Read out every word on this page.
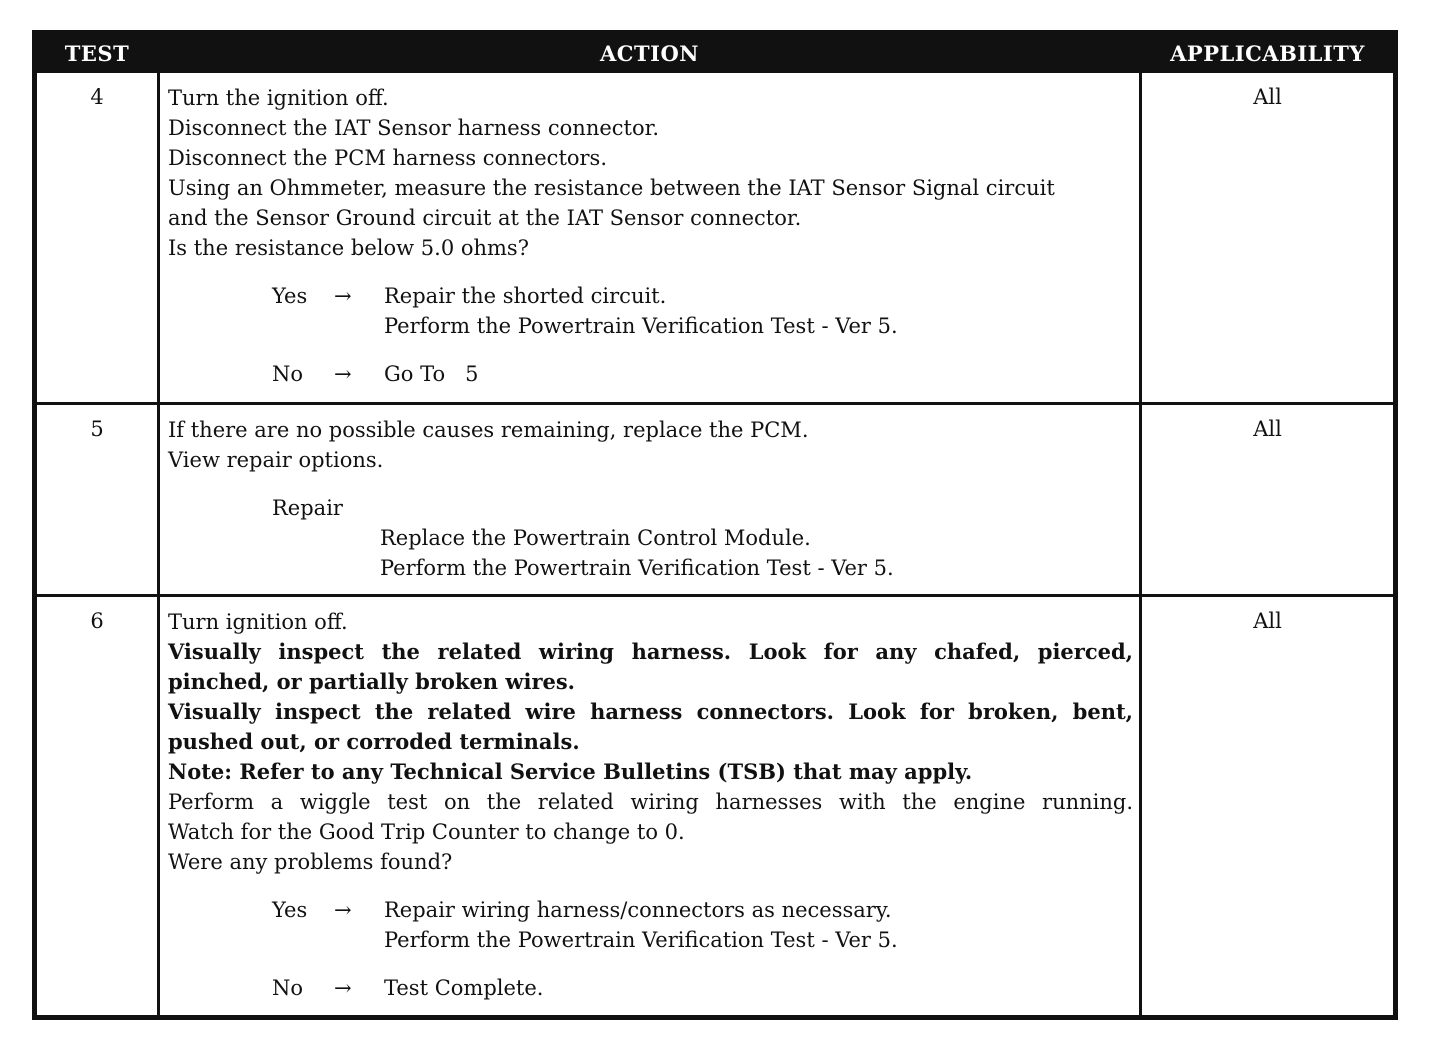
TEST	ACTION	APPLICABILITY
4	Turn the ignition off.
Disconnect the IAT Sensor harness connector.
Disconnect the PCM harness connectors.
Using an Ohmmeter, measure the resistance between the IAT Sensor Signal circuit
and the Sensor Ground circuit at the IAT Sensor connector.
Is the resistance below 5.0 ohms?
Yes → Repair the shorted circuit.
Perform the Powertrain Verification Test - Ver 5.
No → Go To   5
All
5	If there are no possible causes remaining, replace the PCM.
View repair options.
Repair
Replace the Powertrain Control Module.
Perform the Powertrain Verification Test - Ver 5.
All
6	Turn ignition off.
Visually inspect the related wiring harness. Look for any chafed, pierced,
pinched, or partially broken wires.
Visually inspect the related wire harness connectors. Look for broken, bent,
pushed out, or corroded terminals.
Note: Refer to any Technical Service Bulletins (TSB) that may apply.
Perform a wiggle test on the related wiring harnesses with the engine running.
Watch for the Good Trip Counter to change to 0.
Were any problems found?
Yes → Repair wiring harness/connectors as necessary.
Perform the Powertrain Verification Test - Ver 5.
No → Test Complete.
All
